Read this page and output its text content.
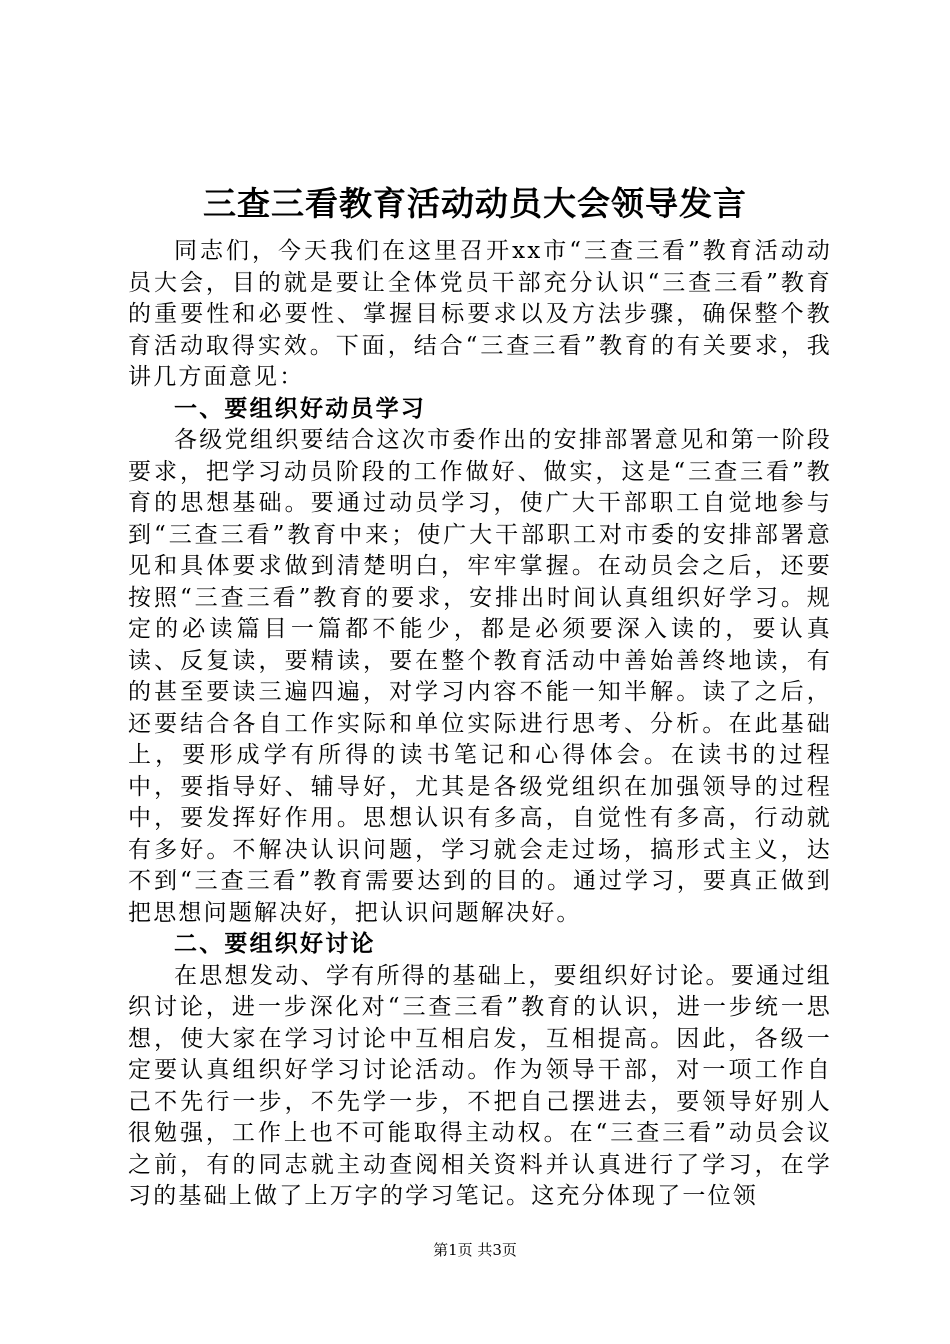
三查三看教育活动动员大会领导发言

同志们，今天我们在这里召开xx市“三查三看”教育活动动员大会，目的就是要让全体党员干部充分认识“三查三看”教育的重要性和必要性、掌握目标要求以及方法步骤，确保整个教育活动取得实效。下面，结合“三查三看”教育的有关要求，我讲几方面意见：

一、要组织好动员学习

各级党组织要结合这次市委作出的安排部署意见和第一阶段要求，把学习动员阶段的工作做好、做实，这是“三查三看”教育的思想基础。要通过动员学习，使广大干部职工自觉地参与到“三查三看”教育中来；使广大干部职工对市委的安排部署意见和具体要求做到清楚明白，牢牢掌握。在动员会之后，还要按照“三查三看”教育的要求，安排出时间认真组织好学习。规定的必读篇目一篇都不能少，都是必须要深入读的，要认真读、反复读，要精读，要在整个教育活动中善始善终地读，有的甚至要读三遍四遍，对学习内容不能一知半解。读了之后，还要结合各自工作实际和单位实际进行思考、分析。在此基础上，要形成学有所得的读书笔记和心得体会。在读书的过程中，要指导好、辅导好，尤其是各级党组织在加强领导的过程中，要发挥好作用。思想认识有多高，自觉性有多高，行动就有多好。不解决认识问题，学习就会走过场，搞形式主义，达不到“三查三看”教育需要达到的目的。通过学习，要真正做到把思想问题解决好，把认识问题解决好。

二、要组织好讨论

在思想发动、学有所得的基础上，要组织好讨论。要通过组织讨论，进一步深化对“三查三看”教育的认识，进一步统一思想，使大家在学习讨论中互相启发，互相提高。因此，各级一定要认真组织好学习讨论活动。作为领导干部，对一项工作自己不先行一步，不先学一步，不把自己摆进去，要领导好别人很勉强，工作上也不可能取得主动权。在“三查三看”动员会议之前，有的同志就主动查阅相关资料并认真进行了学习，在学习的基础上做了上万字的学习笔记。这充分体现了一位领

第1页 共3页
